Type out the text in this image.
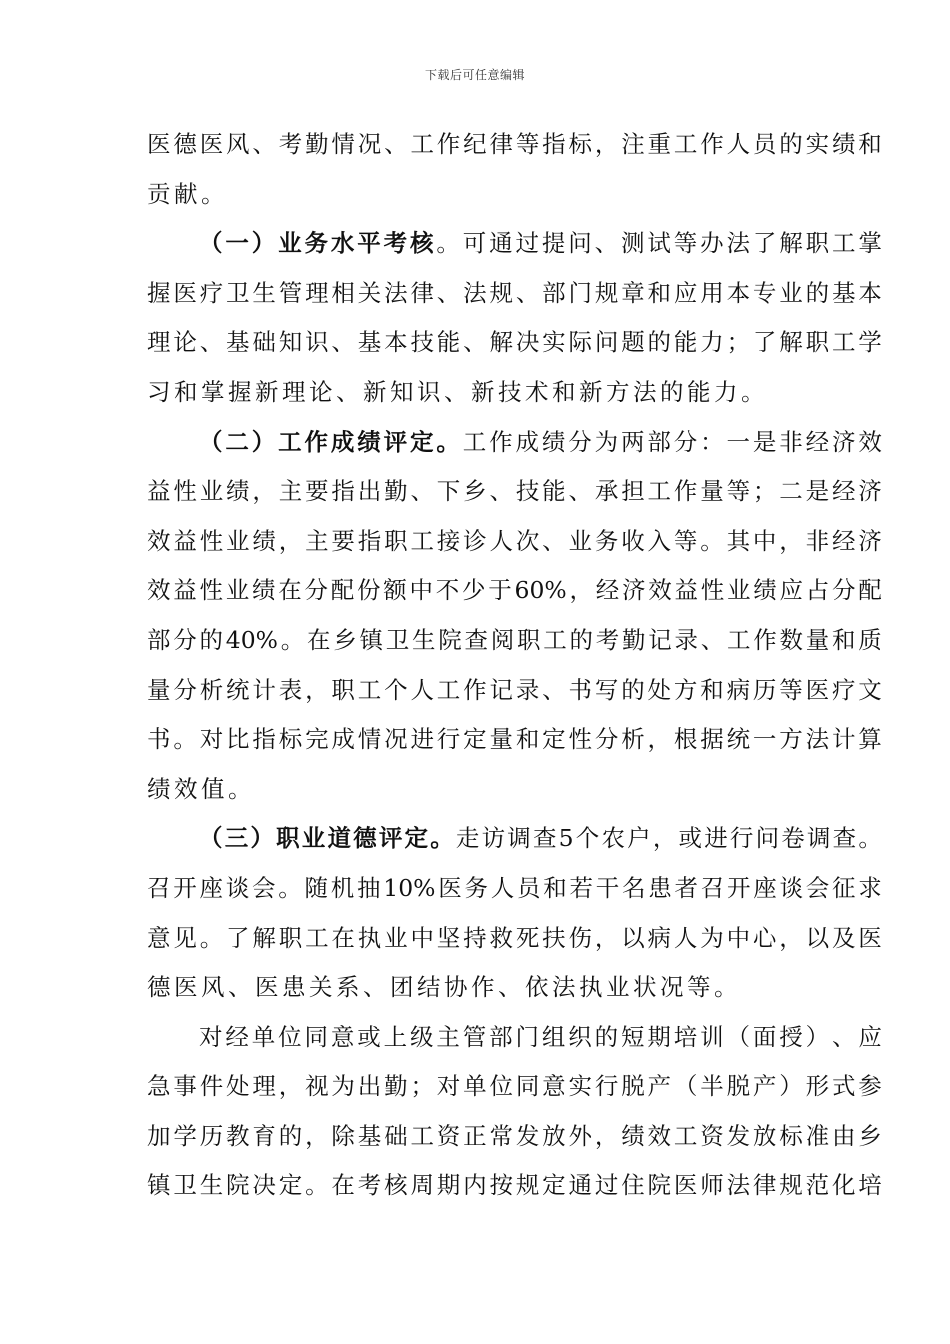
下载后可任意编辑
医 德 医 风 、 考 勤 情 况 、 工 作 纪 律 等 指 标 ， 注 重 工 作 人 员 的 实 绩 和
贡 献 。
（ 一 ） 业 务 水 平 考 核 。 可 通 过 提 问 、 测 试 等 办 法 了 解 职 工 掌
握 医 疗 卫 生 管 理 相 关 法 律 、 法 规 、 部 门 规 章 和 应 用 本 专 业 的 基 本
理 论 、 基 础 知 识 、 基 本 技 能 、 解 决 实 际 问 题 的 能 力 ； 了 解 职 工 学
习 和 掌 握 新 理 论 、 新 知 识 、 新 技 术 和 新 方 法 的 能 力 。
（ 二 ） 工 作 成 绩 评 定 。 工 作 成 绩 分 为 两 部 分 ： 一 是 非 经 济 效
益 性 业 绩 ， 主 要 指 出 勤 、 下 乡 、 技 能 、 承 担 工 作 量 等 ； 二 是 经 济
效 益 性 业 绩 ， 主 要 指 职 工 接 诊 人 次 、 业 务 收 入 等 。 其 中 ， 非 经 济
效 益 性 业 绩 在 分 配 份 额 中 不 少 于 60% ， 经 济 效 益 性 业 绩 应 占 分 配
部 分 的 40% 。 在 乡 镇 卫 生 院 查 阅 职 工 的 考 勤 记 录 、 工 作 数 量 和 质
量 分 析 统 计 表 ， 职 工 个 人 工 作 记 录 、 书 写 的 处 方 和 病 历 等 医 疗 文
书 。 对 比 指 标 完 成 情 况 进 行 定 量 和 定 性 分 析 ， 根 据 统 一 方 法 计 算
绩 效 值 。
（ 三 ） 职 业 道 德 评 定 。 走 访 调 查 5 个 农 户 ， 或 进 行 问 卷 调 查 。
召 开 座 谈 会 。 随 机 抽 10% 医 务 人 员 和 若 干 名 患 者 召 开 座 谈 会 征 求
意 见 。 了 解 职 工 在 执 业 中 坚 持 救 死 扶 伤 ， 以 病 人 为 中 心 ， 以 及 医
德 医 风 、 医 患 关 系 、 团 结 协 作 、 依 法 执 业 状 况 等 。
对 经 单 位 同 意 或 上 级 主 管 部 门 组 织 的 短 期 培 训 （ 面 授 ） 、 应
急 事 件 处 理 ， 视 为 出 勤 ； 对 单 位 同 意 实 行 脱 产 （ 半 脱 产 ） 形 式 参
加 学 历 教 育 的 ， 除 基 础 工 资 正 常 发 放 外 ， 绩 效 工 资 发 放 标 准 由 乡
镇 卫 生 院 决 定 。 在 考 核 周 期 内 按 规 定 通 过 住 院 医 师 法 律 规 范 化 培
